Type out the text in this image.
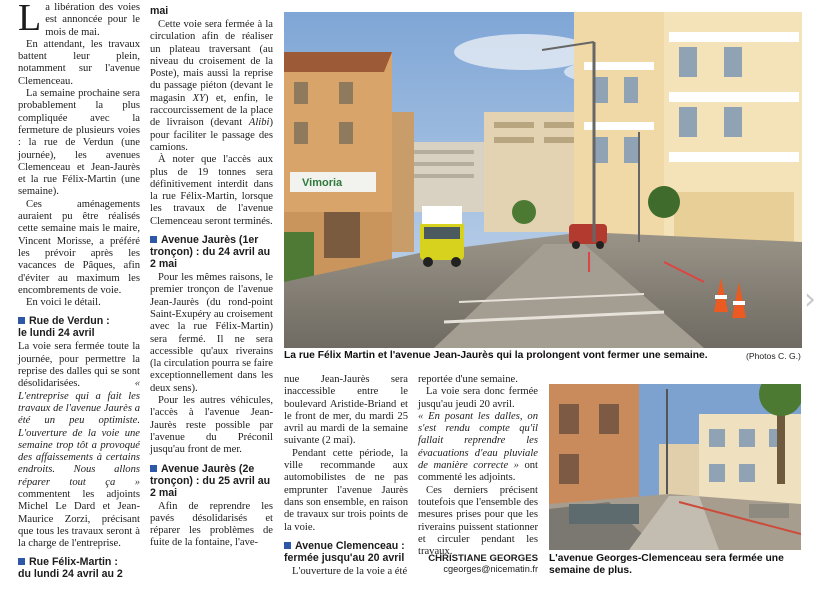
L a libération des voies est annoncée pour le mois de mai.

En attendant, les travaux battent leur plein, notamment sur l'avenue Clemenceau.

La semaine prochaine sera probablement la plus compliquée avec la fermeture de plusieurs voies : la rue de Verdun (une journée), les avenues Clemenceau et Jean-Jaurès et la rue Félix-Martin (une semaine).

Ces aménagements auraient pu être réalisés cette semaine mais le maire, Vincent Morisse, a préféré les prévoir après les vacances de Pâques, afin d'éviter au maximum les encombrements de voie.

En voici le détail.

Rue de Verdun :
le lundi 24 avril

La voie sera fermée toute la journée, pour permettre la reprise des dalles qui se sont désolidarisées.	« L'entreprise qui a fait les travaux de l'avenue Jaurès a été un peu optimiste. L'ouverture de la voie une semaine trop tôt a provoqué des affaissements à certains endroits. Nous allons réparer tout ça » commentent les adjoints Michel Le Dard et Jean-Maurice Zorzi, précisant que tous les travaux seront à la charge de l'entreprise.

Rue Félix-Martin :
du lundi 24 avril au 2
mai

Cette voie sera fermée à la circulation afin de réaliser un plateau traversant (au niveau du croisement de la Poste), mais aussi la reprise du passage piéton (devant le magasin XY) et, enfin, le raccourcissement de la place de livraison (devant Alibi) pour faciliter le passage des camions.

À noter que l'accès aux plus de 19 tonnes sera définitivement interdit dans la rue Félix-Martin, lorsque les travaux de l'avenue Clemenceau seront terminés.

Avenue Jaurès (1er tronçon) : du 24 avril au 2 mai

Pour les mêmes raisons, le premier tronçon de l'avenue Jean-Jaurès (du rond-point Saint-Exupéry au croisement avec la rue Félix-Martin) sera fermé. Il ne sera accessible qu'aux riverains (la circulation pourra se faire exceptionnellement dans les deux sens).

Pour les autres véhicules, l'accès à l'avenue Jean-Jaurès reste possible par l'avenue du Préconil jusqu'au front de mer.

Avenue Jaurès (2e tronçon) : du 25 avril au 2 mai

Afin de reprendre les pavés désolidarisés et réparer les problèmes de fuite de la fontaine, l'ave-

Vimoria
La rue Félix Martin et l'avenue Jean-Jaurès qui la prolongent vont fermer une semaine.	(Photos C. G.)
›

nue Jean-Jaurès sera inaccessible entre le boulevard Aristide-Briand et le front de mer, du mardi 25 avril au mardi de la semaine suivante (2 mai).

Pendant cette période, la ville recommande aux automobilistes de ne pas emprunter l'avenue Jaurès dans son ensemble, en raison de travaux sur trois points de la voie.

Avenue Clemenceau : fermée jusqu'au 20 avril

L'ouverture de la voie a été

reportée d'une semaine.

La voie sera donc fermée jusqu'au jeudi 20 avril.

« En posant les dalles, on s'est rendu compte qu'il fallait reprendre les évacuations d'eau pluviale de manière correcte » ont commenté les adjoints.

Ces derniers précisent toutefois que l'ensemble des mesures prises pour que les riverains puissent stationner et circuler pendant les travaux.

CHRISTIANE GEORGES
cgeorges@nicematin.fr
L'avenue Georges-Clemenceau sera fermée une semaine de plus.
